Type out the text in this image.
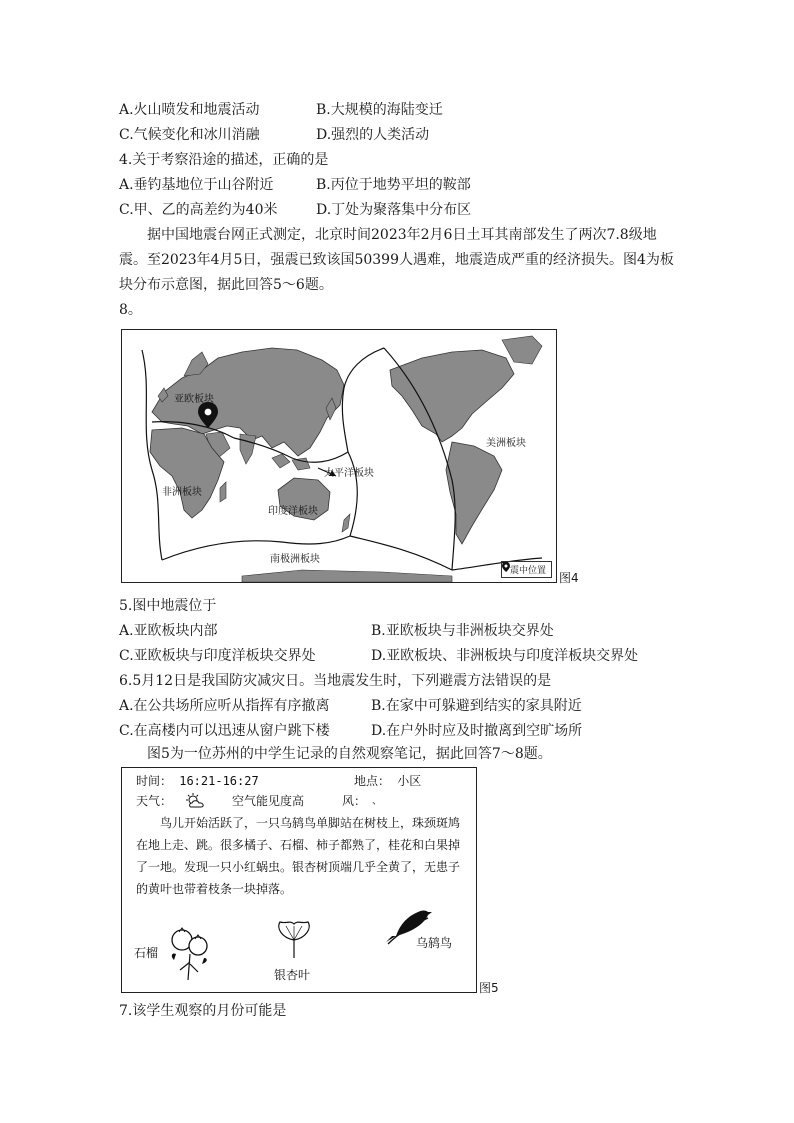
A.火山喷发和地震活动	B.大规模的海陆变迁
C.气候变化和冰川消融	D.强烈的人类活动
4.关于考察沿途的描述，正确的是
A.垂钓基地位于山谷附近	B.丙位于地势平坦的鞍部
C.甲、乙的高差约为40米	D.丁处为聚落集中分布区
据中国地震台网正式测定，北京时间2023年2月6日土耳其南部发生了两次7.8级地震。至2023年4月5日，强震已致该国50399人遇难，地震造成严重的经济损失。图4为板块分布示意图，据此回答5～6题。
8。
亚欧板块
非洲板块
印度洋板块
太平洋板块
美洲板块
南极洲板块
震中位置 图4
5.图中地震位于
A.亚欧板块内部	B.亚欧板块与非洲板块交界处
C.亚欧板块与印度洋板块交界处	D.亚欧板块、非洲板块与印度洋板块交界处
6.5月12日是我国防灾减灾日。当地震发生时，下列避震方法错误的是
A.在公共场所应听从指挥有序撤离	B.在家中可躲避到结实的家具附近
C.在高楼内可以迅速从窗户跳下楼	D.在户外时应及时撤离到空旷场所
图5为一位苏州的中学生记录的自然观察笔记，据此回答7～8题。
时间： 16:21-16:27	地点： 小区
天气：	空气能见度高	风： 、
鸟儿开始活跃了，一只乌鸫鸟单脚站在树枝上，珠颈斑鸠在地上走、跳。很多橘子、石榴、柿子都熟了，桂花和白果掉了一地。发现一只小红蜗虫。银杏树顶端几乎全黄了，无患子的黄叶也带着枝条一块掉落。
石榴
银杏叶
乌鸫鸟
图5
7.该学生观察的月份可能是
